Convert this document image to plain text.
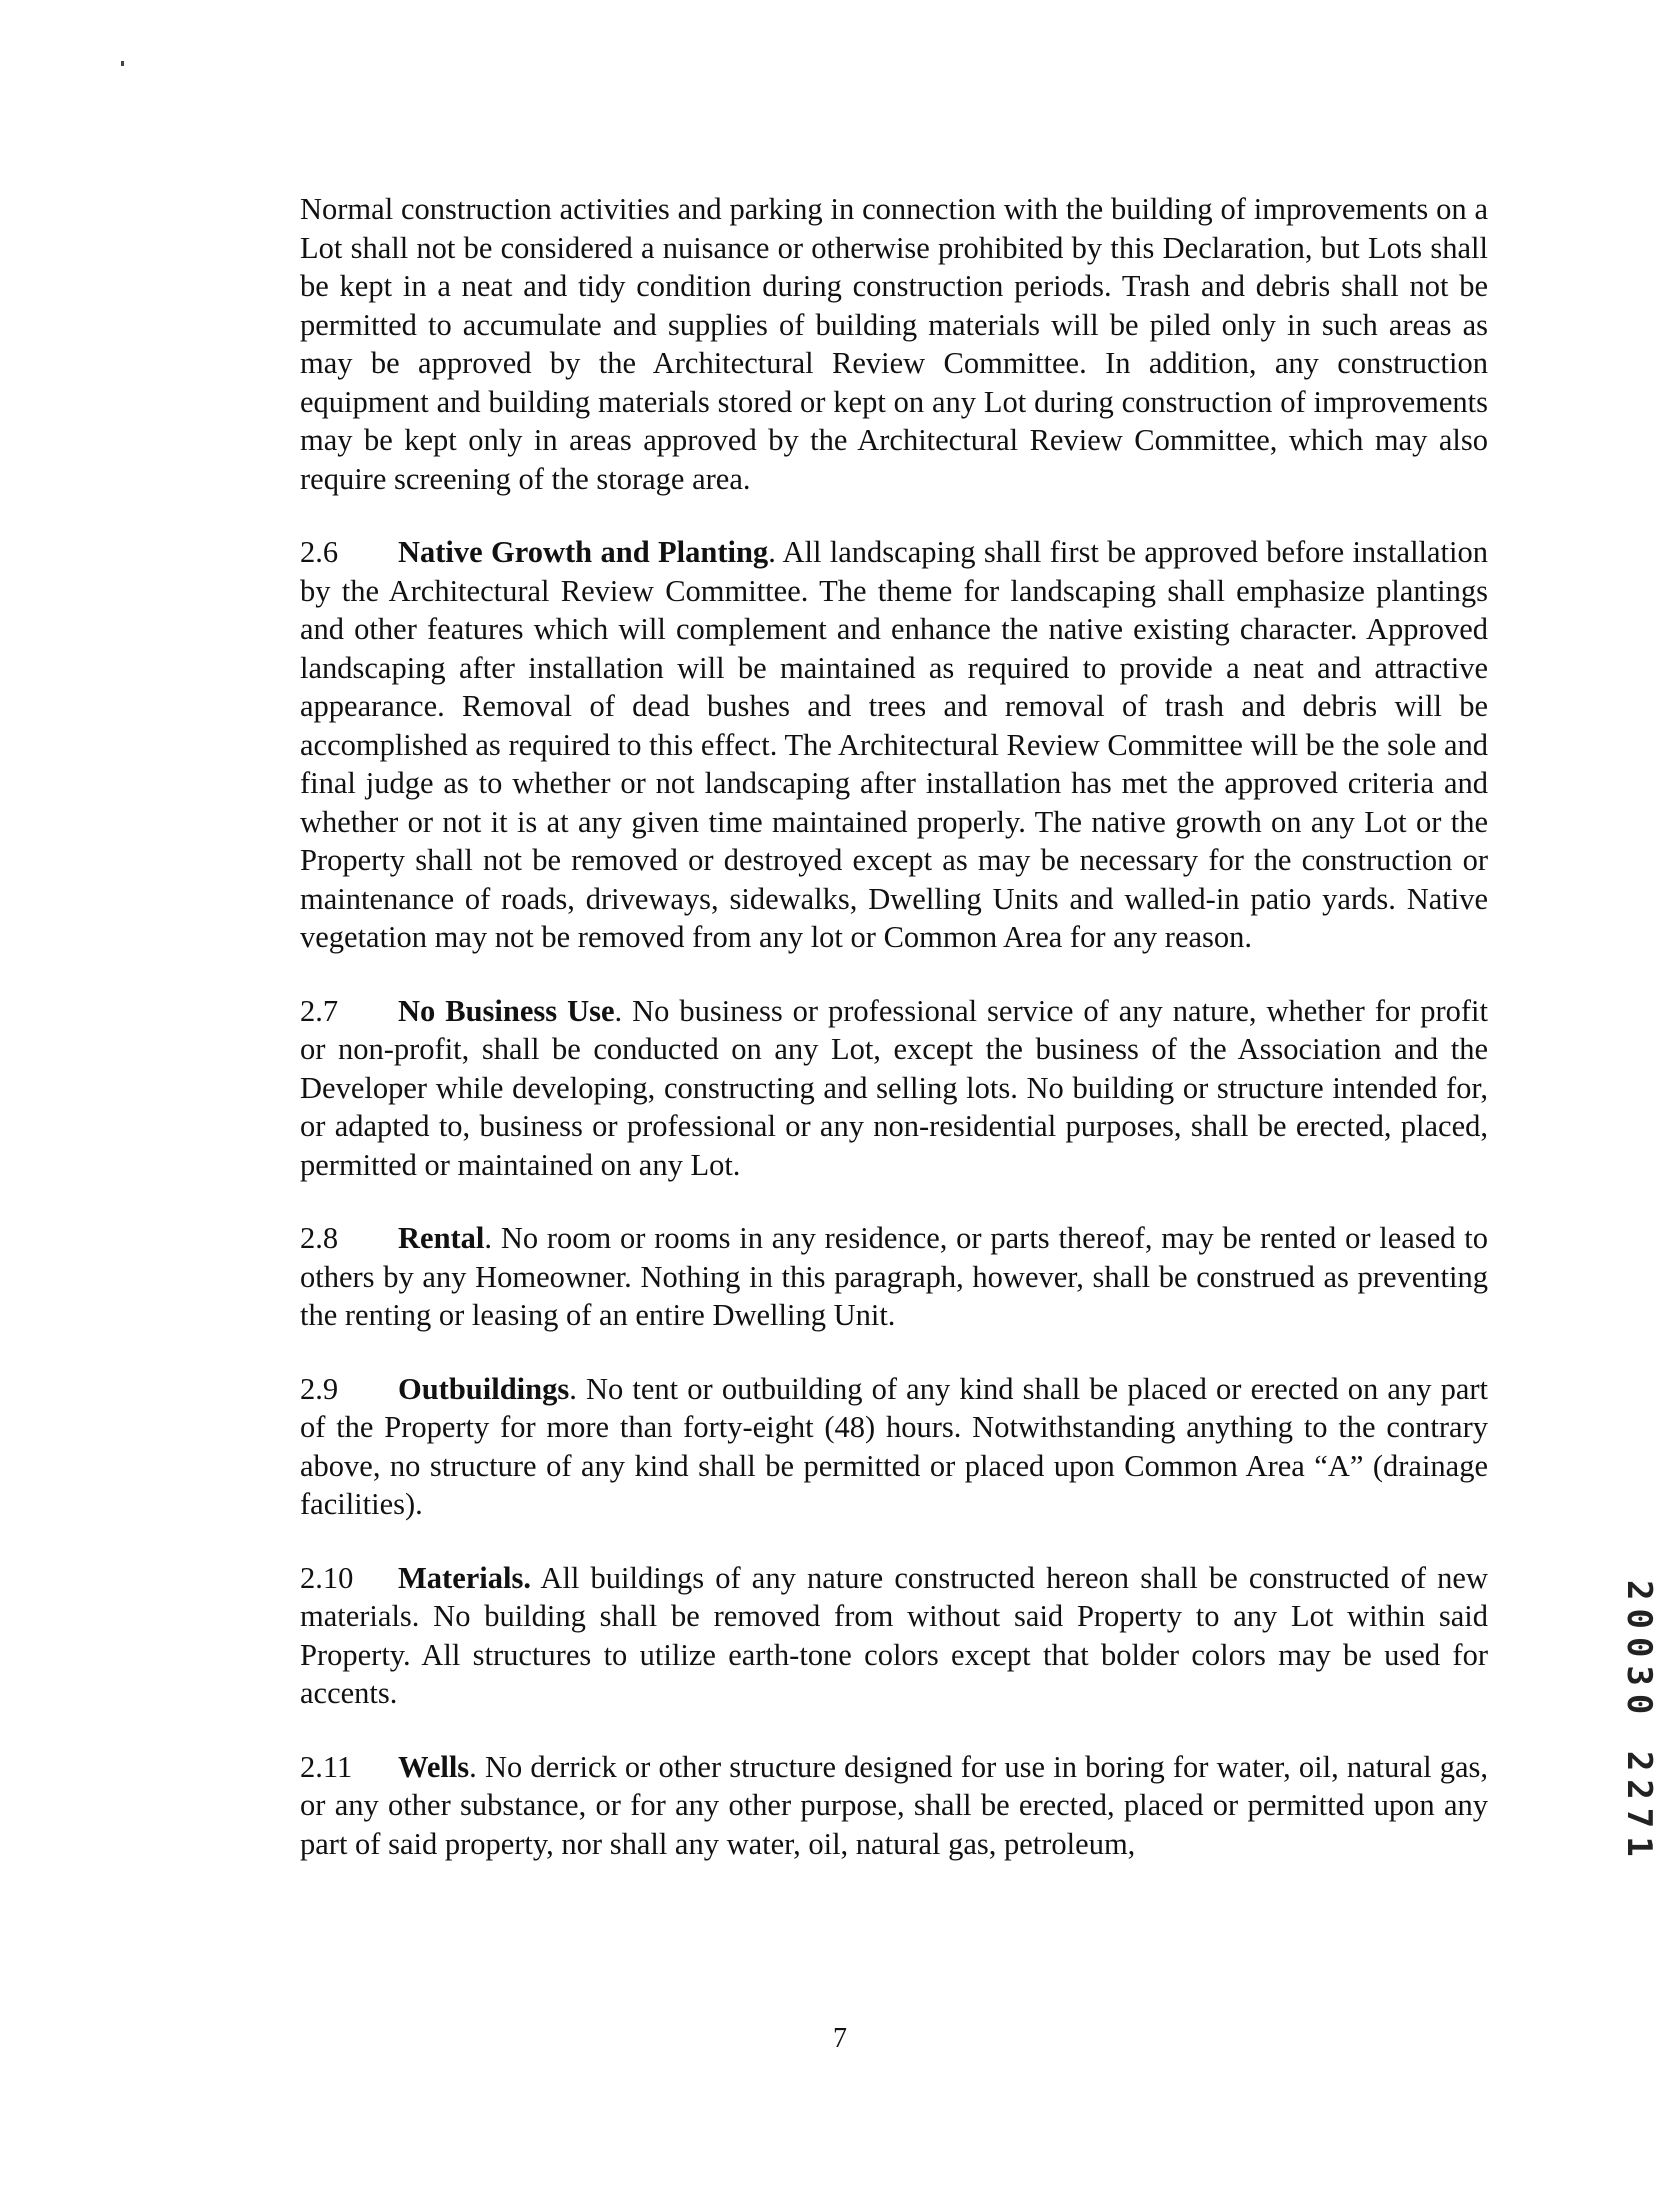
Normal construction activities and parking in connection with the building of improvements on a Lot shall not be considered a nuisance or otherwise prohibited by this Declaration, but Lots shall be kept in a neat and tidy condition during construction periods. Trash and debris shall not be permitted to accumulate and supplies of building materials will be piled only in such areas as may be approved by the Architectural Review Committee. In addition, any construction equipment and building materials stored or kept on any Lot during construction of improvements may be kept only in areas approved by the Architectural Review Committee, which may also require screening of the storage area.

2.6 Native Growth and Planting. All landscaping shall first be approved before installation by the Architectural Review Committee. The theme for landscaping shall emphasize plantings and other features which will complement and enhance the native existing character. Approved landscaping after installation will be maintained as required to provide a neat and attractive appearance. Removal of dead bushes and trees and removal of trash and debris will be accomplished as required to this effect. The Architectural Review Committee will be the sole and final judge as to whether or not landscaping after installation has met the approved criteria and whether or not it is at any given time maintained properly. The native growth on any Lot or the Property shall not be removed or destroyed except as may be necessary for the construction or maintenance of roads, driveways, sidewalks, Dwelling Units and walled-in patio yards. Native vegetation may not be removed from any lot or Common Area for any reason.

2.7 No Business Use. No business or professional service of any nature, whether for profit or non-profit, shall be conducted on any Lot, except the business of the Association and the Developer while developing, constructing and selling lots. No building or structure intended for, or adapted to, business or professional or any non-residential purposes, shall be erected, placed, permitted or maintained on any Lot.

2.8 Rental. No room or rooms in any residence, or parts thereof, may be rented or leased to others by any Homeowner. Nothing in this paragraph, however, shall be construed as preventing the renting or leasing of an entire Dwelling Unit.

2.9 Outbuildings. No tent or outbuilding of any kind shall be placed or erected on any part of the Property for more than forty-eight (48) hours. Notwithstanding anything to the contrary above, no structure of any kind shall be permitted or placed upon Common Area “A” (drainage facilities).

2.10 Materials. All buildings of any nature constructed hereon shall be constructed of new materials. No building shall be removed from without said Property to any Lot within said Property. All structures to utilize earth-tone colors except that bolder colors may be used for accents.

2.11 Wells. No derrick or other structure designed for use in boring for water, oil, natural gas, or any other substance, or for any other purpose, shall be erected, placed or permitted upon any part of said property, nor shall any water, oil, natural gas, petroleum,	20030 2271
7
